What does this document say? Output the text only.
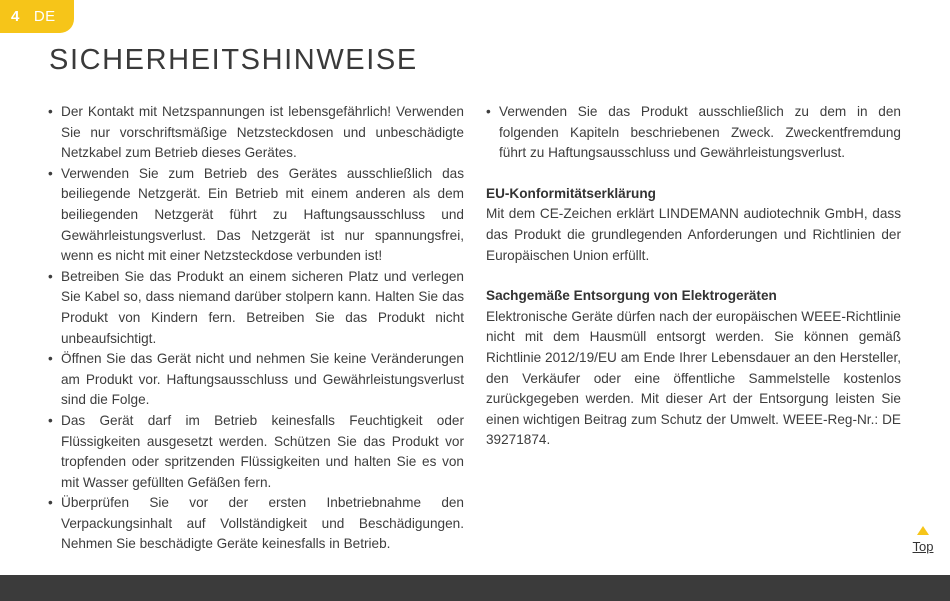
4 DE
SICHERHEITSHINWEISE
• Der Kontakt mit Netzspannungen ist lebensgefährlich! Verwenden Sie nur vorschriftsmäßige Netzsteckdosen und unbeschädigte Netzkabel zum Betrieb dieses Gerätes.
• Verwenden Sie zum Betrieb des Gerätes ausschließlich das beiliegende Netzgerät. Ein Betrieb mit einem anderen als dem beiliegenden Netzgerät führt zu Haftungsausschluss und Gewährleistungsverlust. Das Netzgerät ist nur spannungsfrei, wenn es nicht mit einer Netzsteckdose verbunden ist!
• Betreiben Sie das Produkt an einem sicheren Platz und verlegen Sie Kabel so, dass niemand darüber stolpern kann. Halten Sie das Produkt von Kindern fern. Betreiben Sie das Produkt nicht unbeaufsichtigt.
• Öffnen Sie das Gerät nicht und nehmen Sie keine Veränderungen am Produkt vor. Haftungsausschluss und Gewährleistungsverlust sind die Folge.
• Das Gerät darf im Betrieb keinesfalls Feuchtigkeit oder Flüssigkeiten ausgesetzt werden. Schützen Sie das Produkt vor tropfenden oder spritzenden Flüssigkeiten und halten Sie es von mit Wasser gefüllten Gefäßen fern.
• Überprüfen Sie vor der ersten Inbetriebnahme den Verpackungsinhalt auf Vollständigkeit und Beschädigungen. Nehmen Sie beschädigte Geräte keinesfalls in Betrieb.
• Verwenden Sie das Produkt ausschließlich zu dem in den folgenden Kapiteln beschriebenen Zweck. Zweckentfremdung führt zu Haftungsausschluss und Gewährleistungsverlust.

EU-Konformitätserklärung

Mit dem CE-Zeichen erklärt LINDEMANN audiotechnik GmbH, dass das Produkt die grundlegenden Anforderungen und Richtlinien der Europäischen Union erfüllt.

Sachgemäße Entsorgung von Elektrogeräten

Elektronische Geräte dürfen nach der europäischen WEEE-Richtlinie nicht mit dem Hausmüll entsorgt werden. Sie können gemäß Richtlinie 2012/19/EU am Ende Ihrer Lebensdauer an den Hersteller, den Verkäufer oder eine öffentliche Sammelstelle kostenlos zurückgegeben werden. Mit dieser Art der Entsorgung leisten Sie einen wichtigen Beitrag zum Schutz der Umwelt. WEEE-Reg-Nr.: DE 39271874.

Top
